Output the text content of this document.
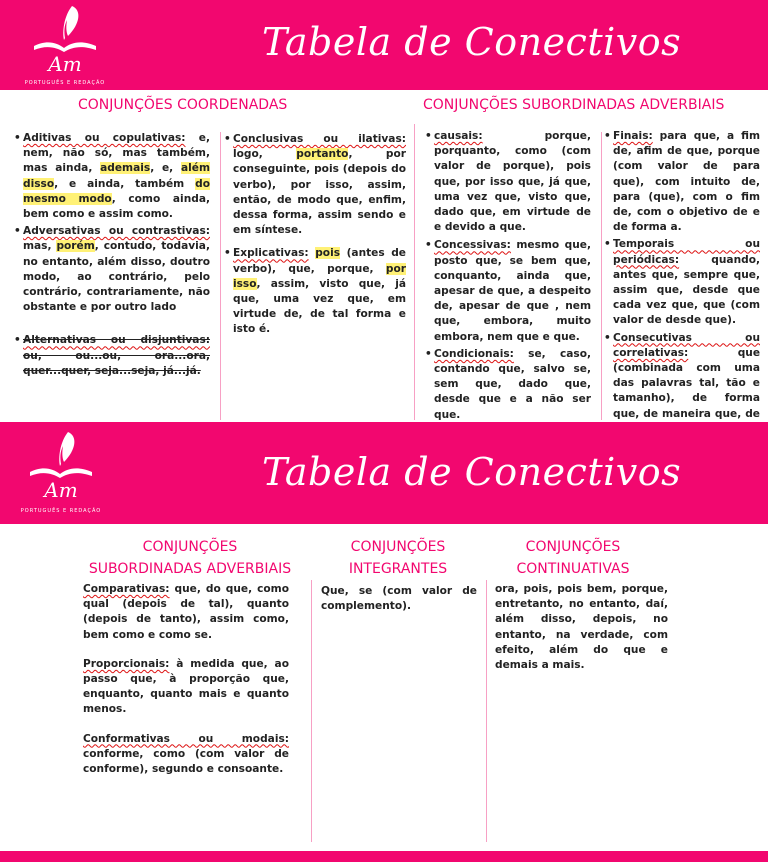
Am
PORTUGUÊS E REDAÇÃO
Tabela de Conectivos
CONJUNÇÕES COORDENADAS	CONJUNÇÕES SUBORDINADAS ADVERBIAIS
• Aditivas ou copulativas: e, nem, não só, mas também, mas ainda, ademais, e, além disso, e ainda, também do mesmo modo, como ainda, bem como e assim como.
• Adversativas ou contrastivas: mas, porém, contudo, todavia, no entanto, além disso, doutro modo, ao contrário, pelo contrário, contrariamente, não obstante e por outro lado
• Alternativas ou disjuntivas: ou, ou...ou, ora...ora, quer...quer, seja...seja, já...já.
• Conclusivas ou ilativas: logo, portanto, por conseguinte, pois (depois do verbo), por isso, assim, então, de modo que, enfim, dessa forma, assim sendo e em síntese.
• Explicativas: pois (antes de verbo), que, porque, por isso, assim, visto que, já que, uma vez que, em virtude de, de tal forma e isto é.
• causais: porque, porquanto, como (com valor de porque), pois que, por isso que, já que, uma vez que, visto que, dado que, em virtude de e devido a que.
• Concessivas: mesmo que, posto que, se bem que, conquanto, ainda que, apesar de que, a despeito de, apesar de que , nem que, embora, muito embora, nem que e que.
• Condicionais: se, caso, contando que, salvo se, sem que, dado que, desde que e a não ser que.
• Finais: para que, a fim de, afim de que, porque (com valor de para que), com intuito de, para (que), com o fim de, com o objetivo de e de forma a.
• Temporais ou periódicas: quando, antes que, sempre que, assim que, desde que cada vez que, que (com valor de desde que).
• Consecutivas ou correlativas:	que (combinada com uma das palavras tal, tão e tamanho), de forma que, de maneira que, de
Am
PORTUGUÊS E REDAÇÃO
Tabela de Conectivos
CONJUNÇÕES
SUBORDINADAS ADVERBIAIS
CONJUNÇÕES
INTEGRANTES
CONJUNÇÕES
CONTINUATIVAS

Comparativas: que, do que, como qual (depois de tal), quanto (depois de tanto), assim como, bem como e como se.

Proporcionais: à medida que, ao passo que, à proporção que, enquanto, quanto mais e quanto menos.

Conformativas ou modais: conforme, como (com valor de conforme), segundo e consoante.

Que, se (com valor de complemento).

ora, pois, pois bem, porque, entretanto, no entanto, daí, além disso, depois, no entanto, na verdade, com efeito, além do que e demais a mais.
